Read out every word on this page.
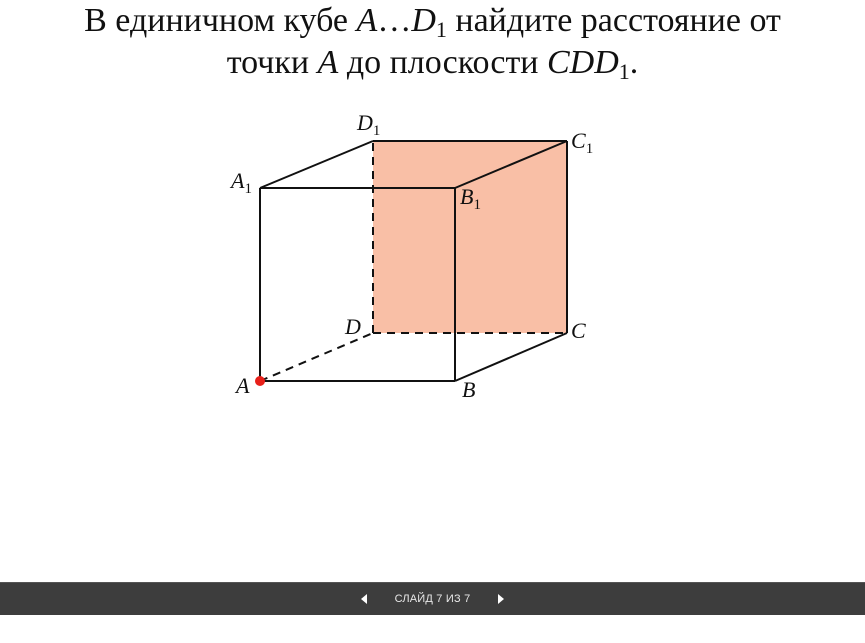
В единичном кубе $A\dots D_1$ найдите расстояние от
точки A до плоскости $CDD_1$.
A	B
C
D
A1	B1
C1
D1
СЛАЙД 7 ИЗ 7
